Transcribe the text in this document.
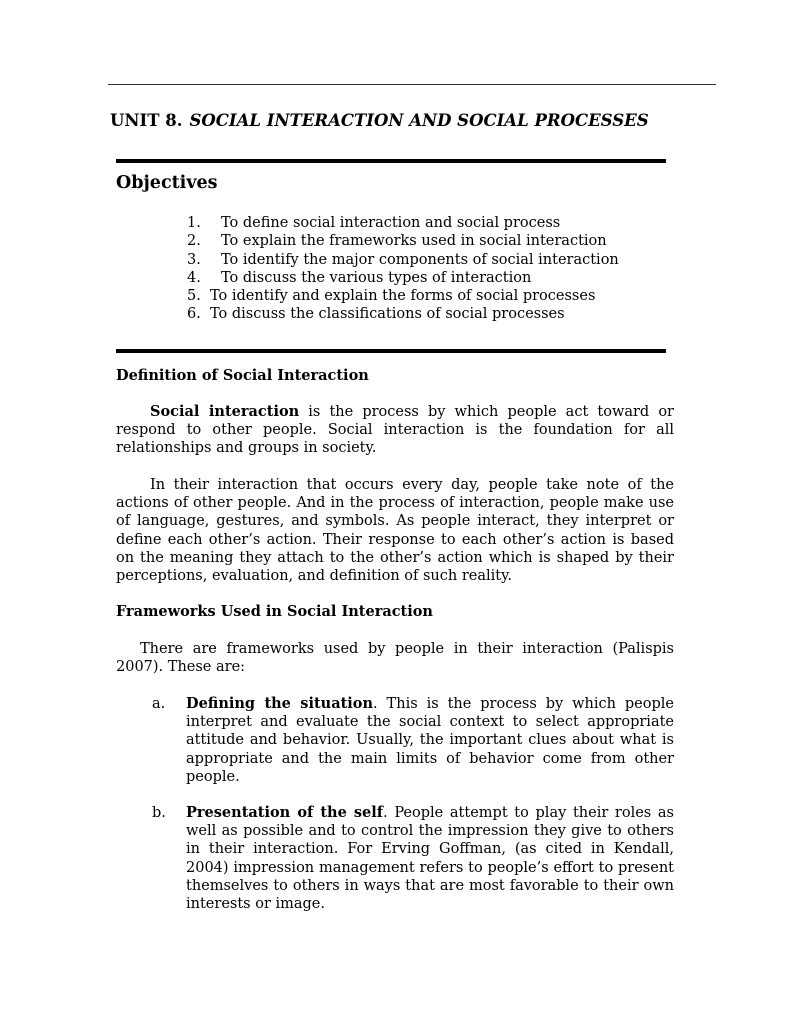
UNIT 8. SOCIAL INTERACTION AND SOCIAL PROCESSES
Objectives
1. To define social interaction and social process
2. To explain the frameworks used in social interaction
3. To identify the major components of social interaction
4. To discuss the various types of interaction
5. To identify and explain the forms of social processes
6. To discuss the classifications of social processes
Definition of Social Interaction

Social interaction is the process by which people act toward or respond to other people. Social interaction is the foundation for all relationships and groups in society.

In their interaction that occurs every day, people take note of the actions of other people. And in the process of interaction, people make use of language, gestures, and symbols. As people interact, they interpret or define each other’s action. Their response to each other’s action is based on the meaning they attach to the other’s action which is shaped by their perceptions, evaluation, and definition of such reality.

Frameworks Used in Social Interaction

There are frameworks used by people in their interaction (Palispis 2007). These are:

a. Defining the situation. This is the process by which people interpret and evaluate the social context to select appropriate attitude and behavior. Usually, the important clues about what is appropriate and the main limits of behavior come from other people.
b. Presentation of the self. People attempt to play their roles as well as possible and to control the impression they give to others in their interaction. For Erving Goffman, (as cited in Kendall, 2004) impression management refers to people’s effort to present themselves to others in ways that are most favorable to their own interests or image.
